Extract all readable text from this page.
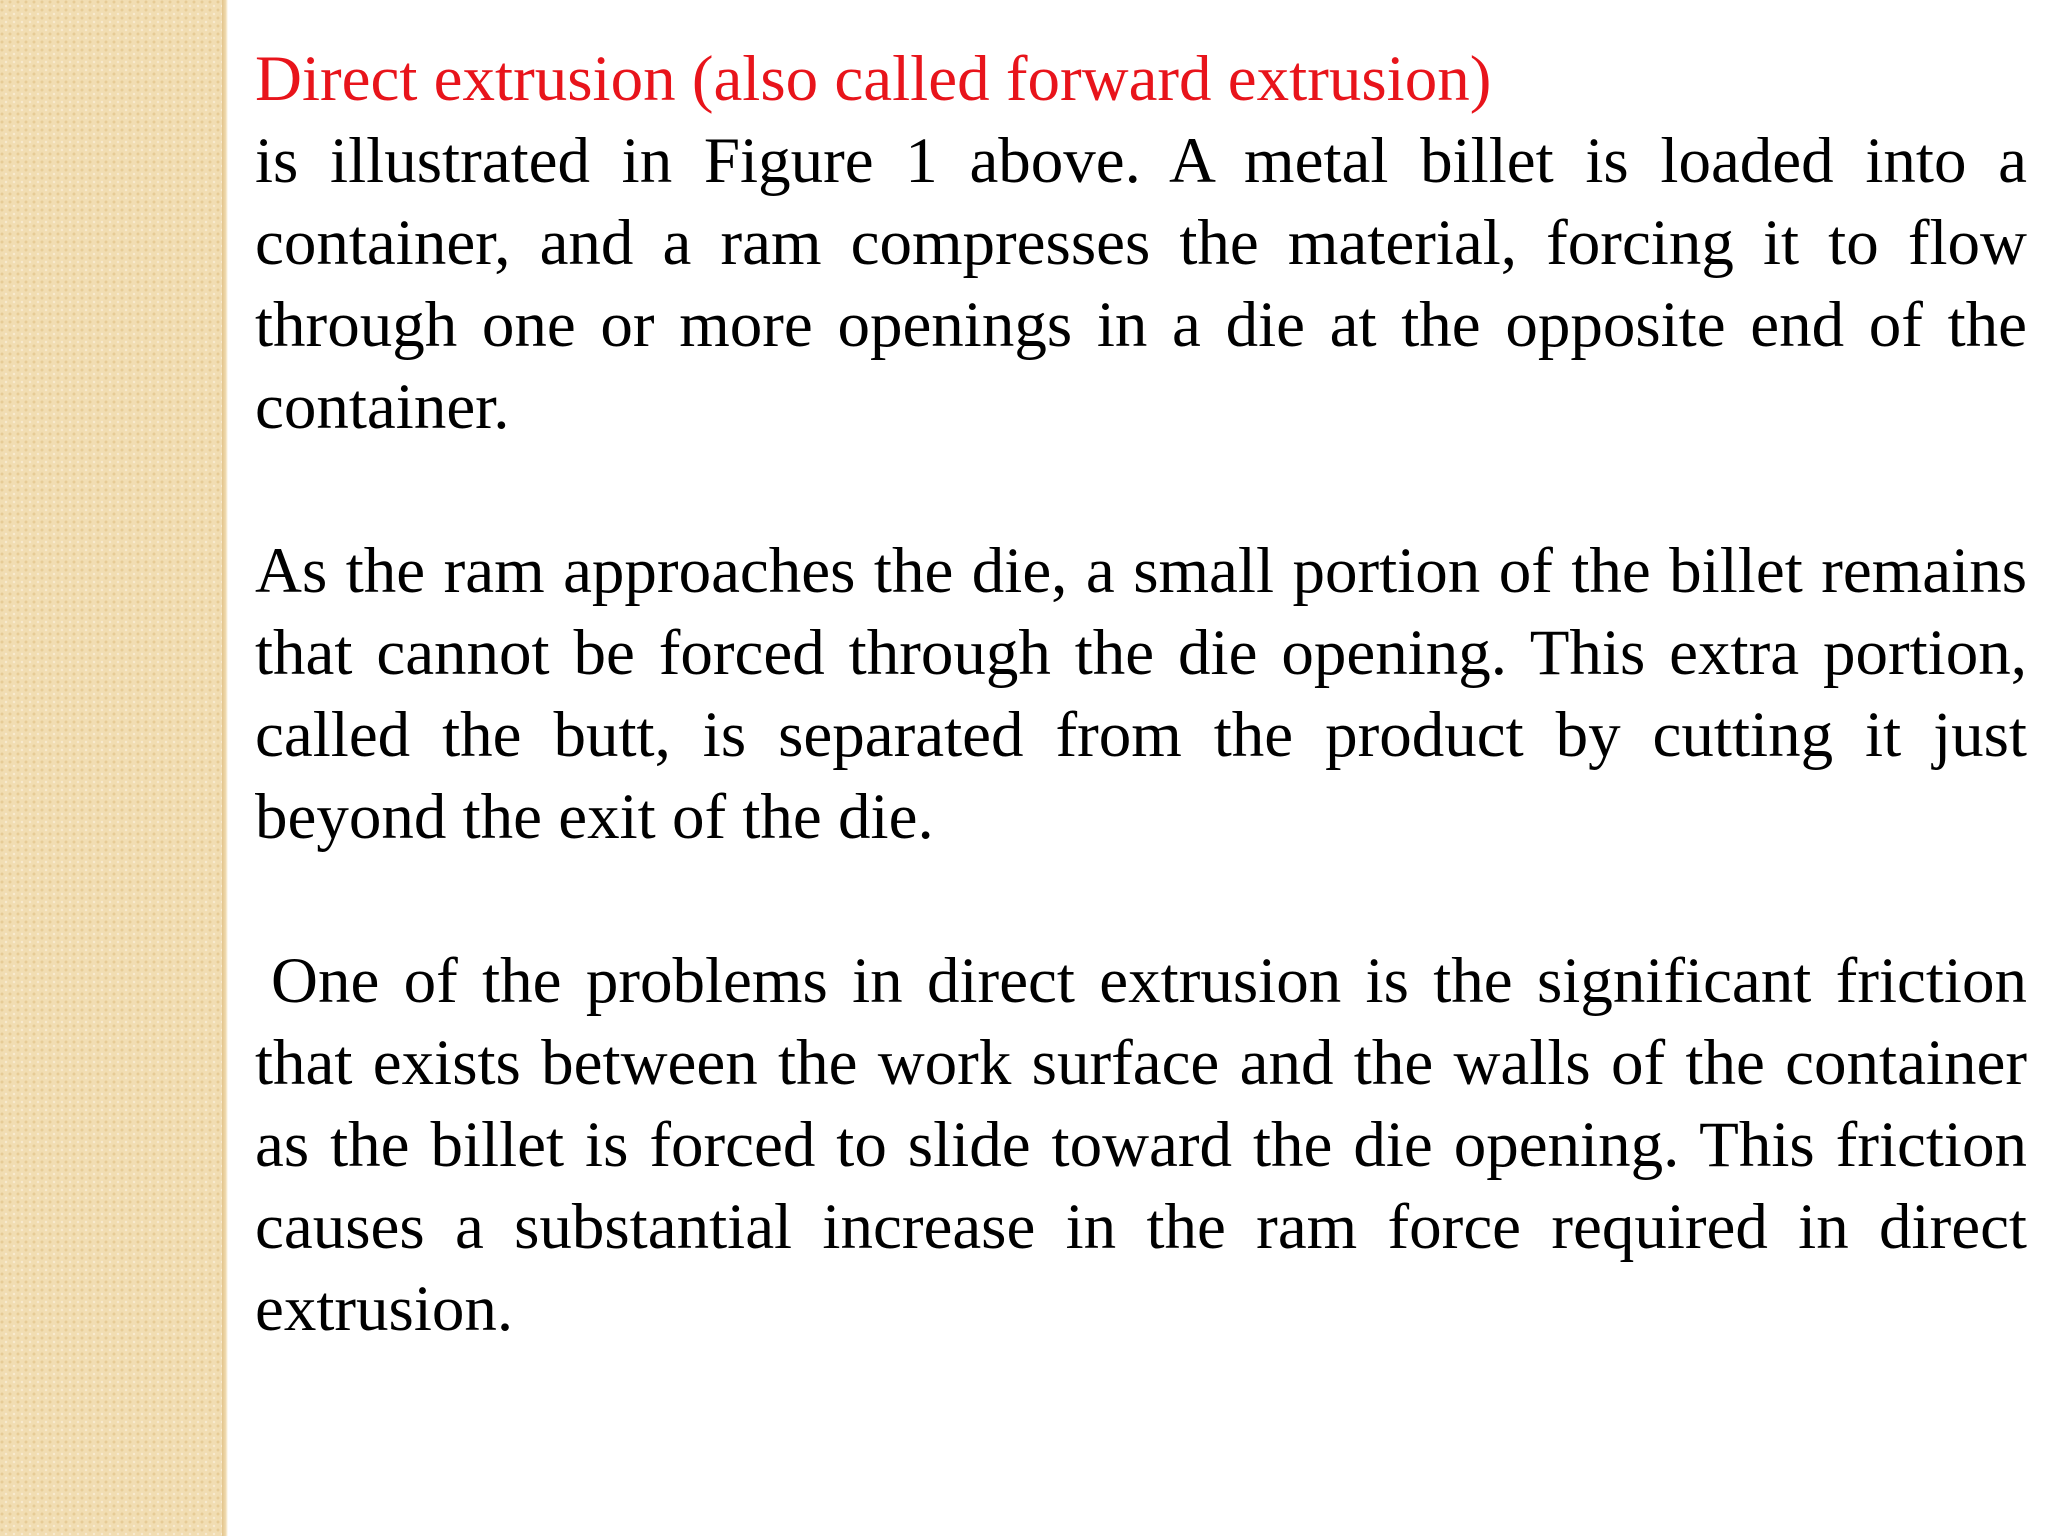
Direct extrusion (also called forward extrusion)

is illustrated in Figure 1 above. A metal billet is loaded into a container, and a ram compresses the material, forcing it to flow through one or more openings in a die at the opposite end of the container.

As the ram approaches the die, a small portion of the billet remains that cannot be forced through the die opening. This extra portion, called the butt, is separated from the product by cutting it just beyond the exit of the die.

One of the problems in direct extrusion is the significant friction that exists between the work surface and the walls of the container as the billet is forced to slide toward the die opening. This friction causes a substantial increase in the ram force required in direct extrusion.
